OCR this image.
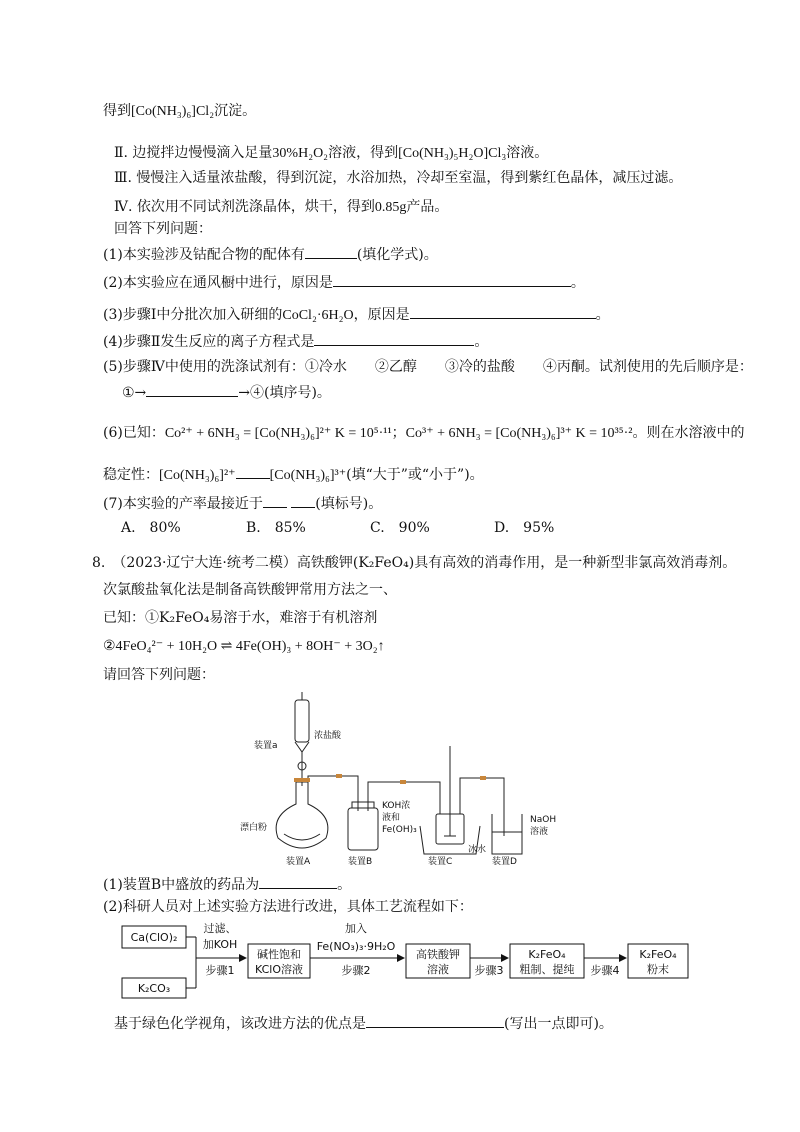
得到[Co(NH₃)₆]Cl₂沉淀。
Ⅱ. 边搅拌边慢慢滴入足量30%H₂O₂溶液，得到[Co(NH₃)₅H₂O]Cl₃溶液。
Ⅲ. 慢慢注入适量浓盐酸，得到沉淀，水浴加热，冷却至室温，得到紫红色晶体，减压过滤。
Ⅳ. 依次用不同试剂洗涤晶体，烘干，得到0.85g产品。
回答下列问题：
(1)本实验涉及钴配合物的配体有	(填化学式)。
(2)本实验应在通风橱中进行，原因是	。
(3)步骤Ⅰ中分批次加入研细的CoCl₂·6H₂O，原因是	。
(4)步骤Ⅱ发生反应的离子方程式是	。
(5)步骤Ⅳ中使用的洗涤试剂有：①冷水　　②乙醇　　③冷的盐酸　　④丙酮。试剂使用的先后顺序是：
①→	→④(填序号)。
(6)已知：Co²⁺ + 6NH₃ = [Co(NH₃)₆]²⁺ K = 10⁵·¹¹；Co³⁺ + 6NH₃ = [Co(NH₃)₆]³⁺ K = 10³⁵·²。则在水溶液中的
稳定性：[Co(NH₃)₆]²⁺ [Co(NH₃)₆]³⁺(填“大于”或“小于”)。
(7)本实验的产率最接近于	(填标号)。
A.　80%	B.　85%	C.　90%	D.　95%
8.　（2023·辽宁大连·统考二模）高铁酸钾(K₂FeO₄)具有高效的消毒作用，是一种新型非氯高效消毒剂。
次氯酸盐氧化法是制备高铁酸钾常用方法之一、
已知：①K₂FeO₄易溶于水，难溶于有机溶剂
②4FeO₄²⁻ + 10H₂O ⇌ 4Fe(OH)₃ + 8OH⁻ + 3O₂↑
请回答下列问题：
装置a
浓盐酸
漂白粉
KOH浓
液和
Fe(OH)₃
冰水
NaOH
溶液
装置A	装置B	装置C	装置D
(1)装置B中盛放的药品为	。
(2)科研人员对上述实验方法进行改进，具体工艺流程如下：
Ca(ClO)₂
K₂CO₃
过滤、
加KOH
步骤1
碱性饱和
KClO溶液
加入
Fe(NO₃)₃·9H₂O
步骤2
高铁酸钾
溶液 步骤3
K₂FeO₄
粗制、提纯 步骤4
K₂FeO₄
粉末
基于绿色化学视角，该改进方法的优点是	(写出一点即可)。
